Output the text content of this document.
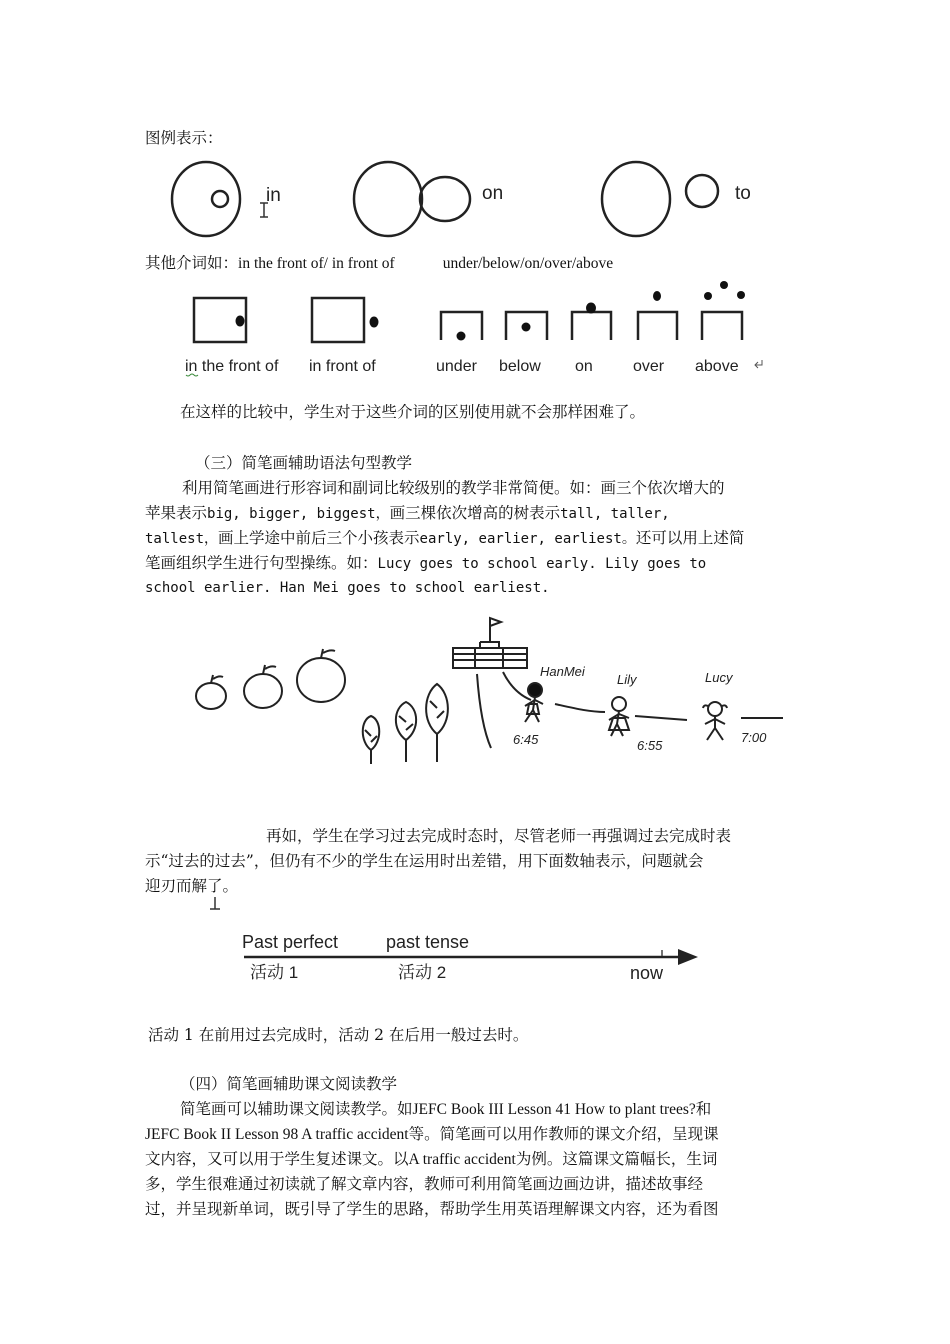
图例表示：
in	on	to
其他介词如：in the front of/ in front of	under/below/on/over/above
in the front of in front of	under below on	over above
在这样的比较中，学生对于这些介词的区别使用就不会那样困难了。
（三）简笔画辅助语法句型教学
利用简笔画进行形容词和副词比较级别的教学非常简便。如：画三个依次增大的
苹果表示big, bigger, biggest，画三棵依次增高的树表示tall, taller,
tallest，画上学途中前后三个小孩表示early, earlier, earliest。还可以用上述简
笔画组织学生进行句型操练。如：Lucy goes to school early. Lily goes to
school earlier. Han Mei goes to school earliest.
HanMei
Lily	Lucy
6:45	6:55
7:00
再如，学生在学习过去完成时态时，尽管老师一再强调过去完成时表
示“过去的过去”，但仍有不少的学生在运用时出差错，用下面数轴表示，问题就会
迎刃而解了。
Past perfect	past tense
活动 1	活动 2	now
活动 1 在前用过去完成时，活动 2 在后用一般过去时。
（四）简笔画辅助课文阅读教学
简笔画可以辅助课文阅读教学。如JEFC Book III Lesson 41 How to plant trees?和
JEFC Book II Lesson 98 A traffic accident等。简笔画可以用作教师的课文介绍，呈现课
文内容，又可以用于学生复述课文。以A traffic accident为例。这篇课文篇幅长，生词
多，学生很难通过初读就了解文章内容，教师可利用简笔画边画边讲，描述故事经
过，并呈现新单词，既引导了学生的思路，帮助学生用英语理解课文内容，还为看图
